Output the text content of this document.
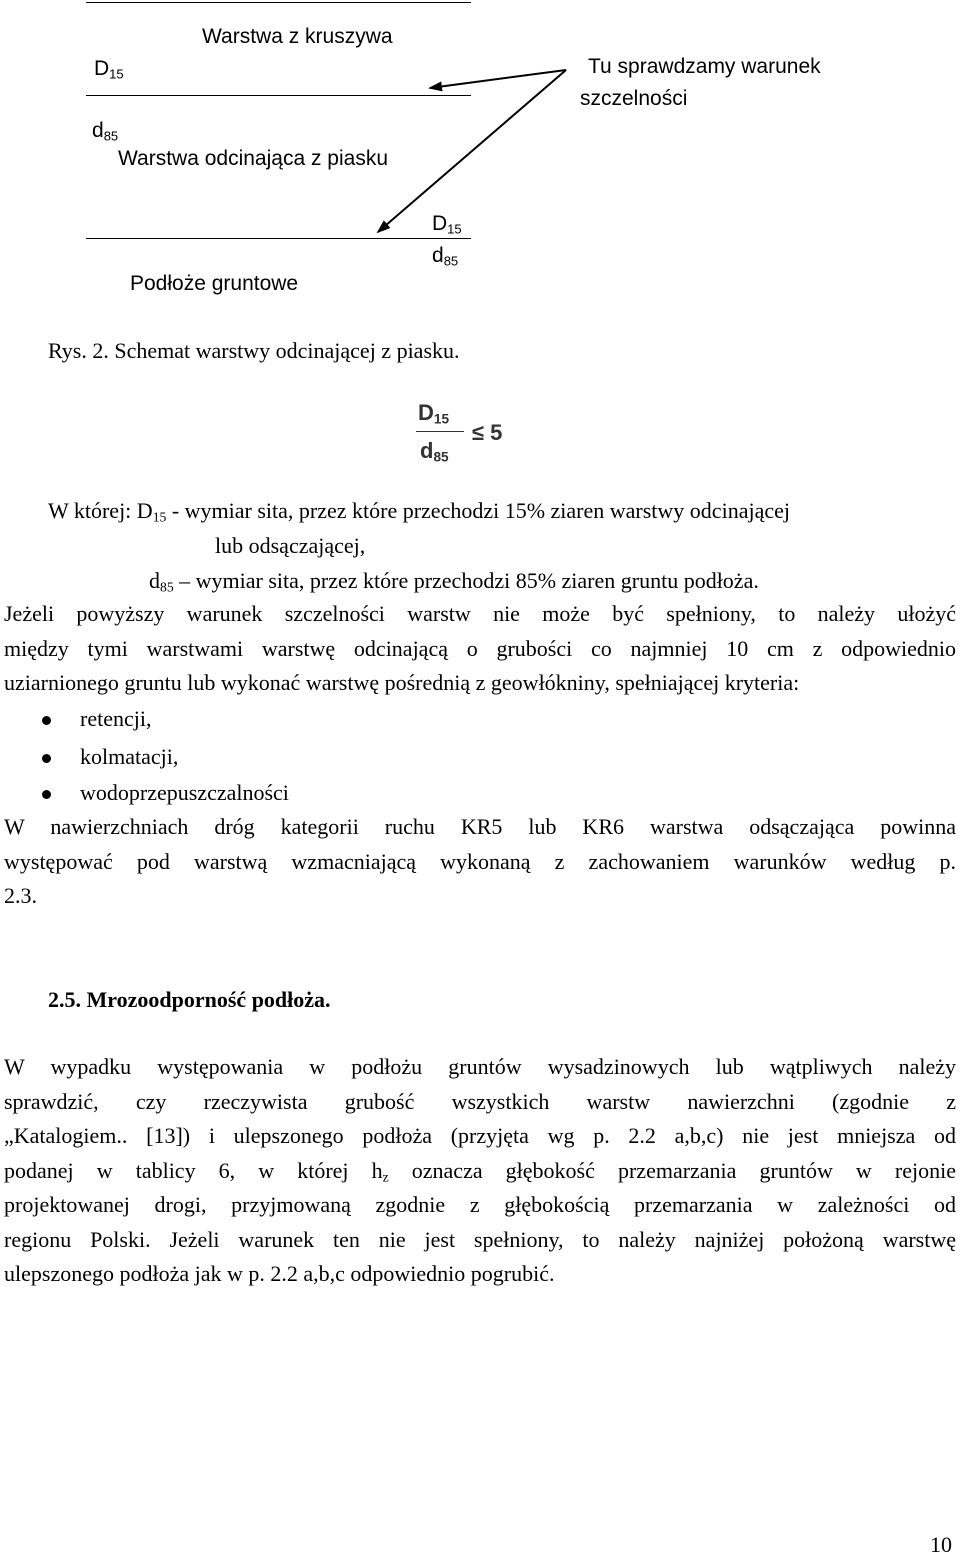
Warstwa z kruszywa
$D_{15}$
$d_{85}$
Warstwa odcinająca z piasku
$D_{15}$
$d_{85}$
Podłoże gruntowe
Tu sprawdzamy warunek
szczelności
Rys. 2. Schemat warstwy odcinającej z piasku.
$D_{15}$
$d_{85}$
≤ 5
W której: $D_{15}$ - wymiar sita, przez które przechodzi 15% ziaren warstwy odcinającej
lub odsączającej,
$d_{85}$ – wymiar sita, przez które przechodzi 85% ziaren gruntu podłoża.
Jeżeli powyższy warunek szczelności warstw nie może być spełniony, to należy ułożyć
między tymi warstwami warstwę odcinającą o grubości co najmniej 10 cm z odpowiednio
uziarnionego gruntu lub wykonać warstwę pośrednią z geowłókniny, spełniającej kryteria:
retencji,
kolmatacji,
wodoprzepuszczalności
W nawierzchniach dróg kategorii ruchu KR5 lub KR6 warstwa odsączająca powinna
występować pod warstwą wzmacniającą wykonaną z zachowaniem warunków według p.
2.3.
2.5. Mrozoodporność podłoża.
W wypadku występowania w podłożu gruntów wysadzinowych lub wątpliwych należy
sprawdzić, czy rzeczywista grubość wszystkich warstw nawierzchni (zgodnie z
„Katalogiem.. [13]) i ulepszonego podłoża (przyjęta wg p. 2.2 a,b,c) nie jest mniejsza od
podanej w tablicy 6, w której $h_z$ oznacza głębokość przemarzania gruntów w rejonie
projektowanej drogi, przyjmowaną zgodnie z głębokością przemarzania w zależności od
regionu Polski. Jeżeli warunek ten nie jest spełniony, to należy najniżej położoną warstwę
ulepszonego podłoża jak w p. 2.2 a,b,c odpowiednio pogrubić.
10
